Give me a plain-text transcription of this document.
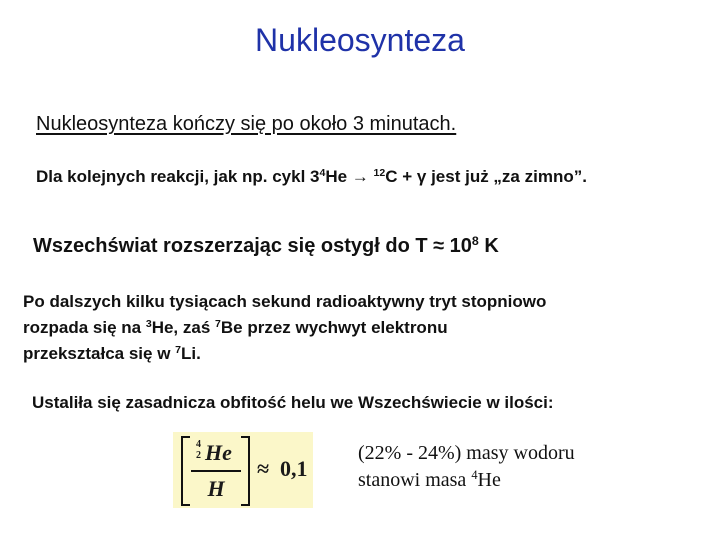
Nukleosynteza
Nukleosynteza kończy się po około 3 minutach.
Dla kolejnych reakcji, jak np. cykl $3^4He \to ^{12}C + \gamma$ jest już „za zimno”.
Wszechświat rozszerzając się ostygł do $T \approx 10^8$ K
Po dalszych kilku tysiącach sekund radioaktywny tryt stopniowo
rozpada się na $^3$He, zaś $^7$Be przez wychwyt elektronu
przekształca się w $^7$Li.
Ustaliła się zasadnicza obfitość helu we Wszechświecie w ilości:
4
2 He
H
≈ 0,1
(22% - 24%) masy wodoru
stanowi masa $^4$He
